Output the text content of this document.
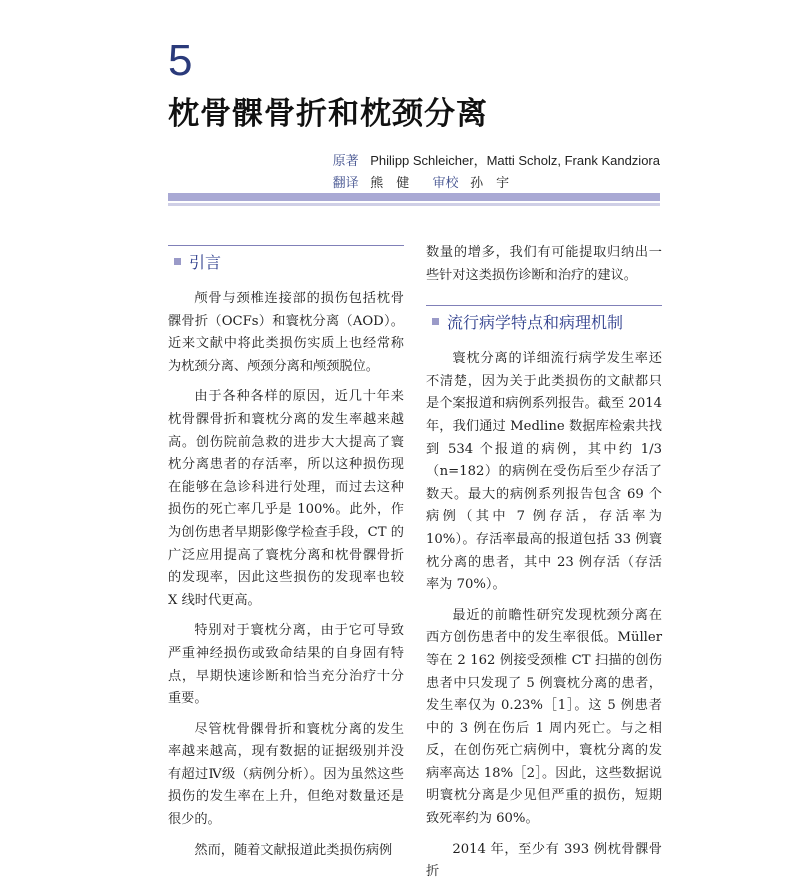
5
枕骨髁骨折和枕颈分离
原著 Philipp Schleicher，Matti Scholz, Frank Kandziora
翻译 熊　健 审校 孙　宇
引言

颅骨与颈椎连接部的损伤包括枕骨髁骨折（OCFs）和寰枕分离（AOD）。近来文献中将此类损伤实质上也经常称为枕颈分离、颅颈分离和颅颈脱位。

由于各种各样的原因，近几十年来枕骨髁骨折和寰枕分离的发生率越来越高。创伤院前急救的进步大大提高了寰枕分离患者的存活率，所以这种损伤现在能够在急诊科进行处理，而过去这种损伤的死亡率几乎是 100%。此外，作为创伤患者早期影像学检查手段，CT 的广泛应用提高了寰枕分离和枕骨髁骨折的发现率，因此这些损伤的发现率也较 X 线时代更高。

特别对于寰枕分离，由于它可导致严重神经损伤或致命结果的自身固有特点，早期快速诊断和恰当充分治疗十分重要。

尽管枕骨髁骨折和寰枕分离的发生率越来越高，现有数据的证据级别并没有超过Ⅳ级（病例分析）。因为虽然这些损伤的发生率在上升，但绝对数量还是很少的。

然而，随着文献报道此类损伤病例

数量的增多，我们有可能提取归纳出一些针对这类损伤诊断和治疗的建议。

流行病学特点和病理机制

寰枕分离的详细流行病学发生率还不清楚，因为关于此类损伤的文献都只是个案报道和病例系列报告。截至 2014 年，我们通过 Medline 数据库检索共找到 534 个报道的病例，其中约 1/3（n=182）的病例在受伤后至少存活了数天。最大的病例系列报告包含 69 个病例（其中 7 例存活，存活率为 10%）。存活率最高的报道包括 33 例寰枕分离的患者，其中 23 例存活（存活率为 70%）。

最近的前瞻性研究发现枕颈分离在西方创伤患者中的发生率很低。Müller 等在 2 162 例接受颈椎 CT 扫描的创伤患者中只发现了 5 例寰枕分离的患者，发生率仅为 0.23%［1］。这 5 例患者中的 3 例在伤后 1 周内死亡。与之相反，在创伤死亡病例中，寰枕分离的发病率高达 18%［2］。因此，这些数据说明寰枕分离是少见但严重的损伤，短期致死率约为 60%。

2014 年，至少有 393 例枕骨髁骨折
